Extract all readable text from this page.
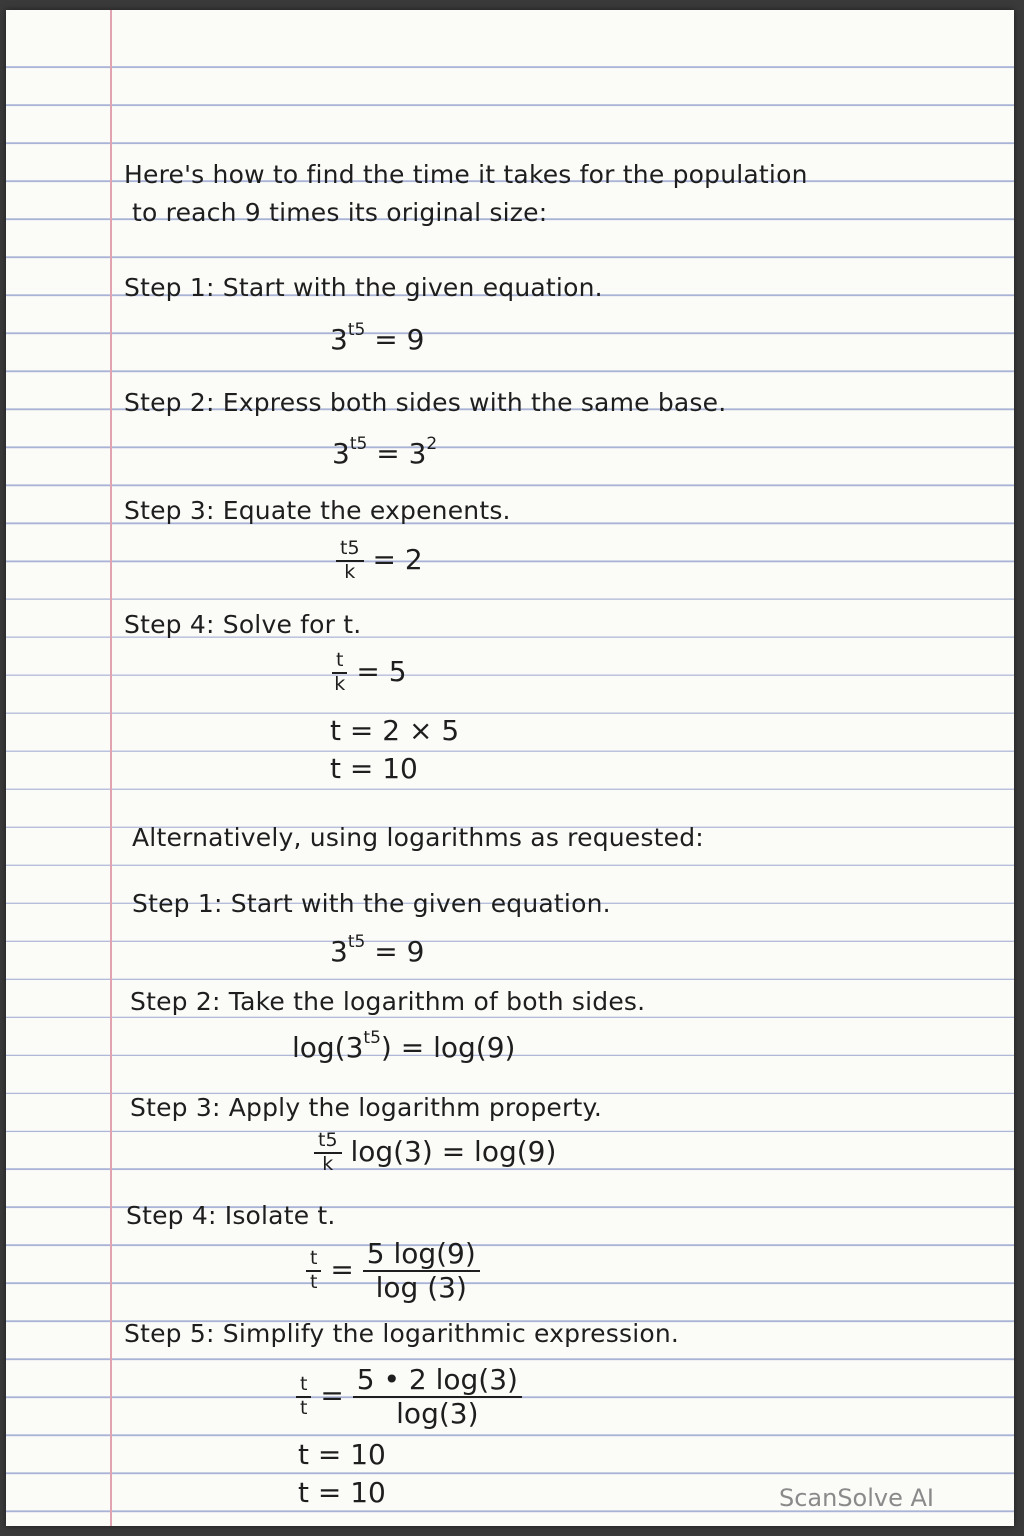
Here's how to find the time it takes for the population
to reach 9 times its original size:
Step 1: Start with the given equation.
$3^{t5} = 9$
Step 2: Express both sides with the same base.
$3^{t5} = 3^2$
Step 3: Equate the expenents.
$\frac{t5}{k} = 2$
Step 4: Solve for t.
$\frac{t}{k} = 5$
t = 2 × 5
t = 10
Alternatively, using logarithms as requested:
Step 1: Start with the given equation.
$3^{t5} = 9$
Step 2: Take the logarithm of both sides.
$\log(3^{t5}) = \log(9)$
Step 3: Apply the logarithm property.
$\frac{t5}{k} \log(3) = \log(9)$
Step 4: Isolate t.
$\frac{t}{t} = \frac{5 \log(9)}{\log (3)}$
Step 5: Simplify the logarithmic expression.
$\frac{t}{t} = \frac{5 • 2 \log(3)}{\log(3)}$
t = 10
t = 10	ScanSolve AI
